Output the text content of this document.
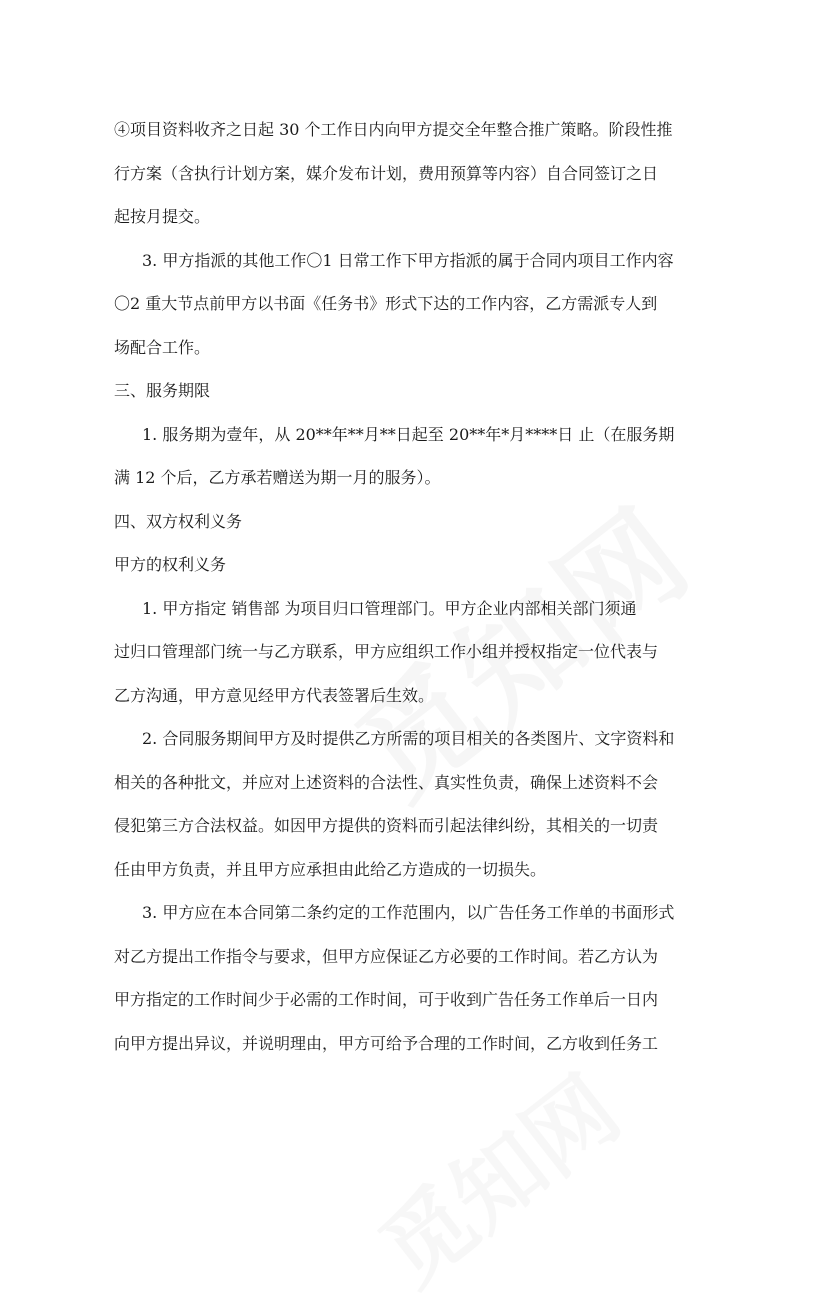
④项目资料收齐之日起 30 个工作日内向甲方提交全年整合推广策略。阶段性推
行方案（含执行计划方案，媒介发布计划，费用预算等内容）自合同签订之日
起按月提交。
3. 甲方指派的其他工作〇1 日常工作下甲方指派的属于合同内项目工作内容
〇2 重大节点前甲方以书面《任务书》形式下达的工作内容，乙方需派专人到
场配合工作。
三、服务期限
1. 服务期为壹年，从 20**年**月**日起至 20**年*月****日 止（在服务期
满 12 个后，乙方承若赠送为期一月的服务）。
四、双方权利义务
甲方的权利义务
1. 甲方指定 销售部 为项目归口管理部门。甲方企业内部相关部门须通
过归口管理部门统一与乙方联系，甲方应组织工作小组并授权指定一位代表与
乙方沟通，甲方意见经甲方代表签署后生效。
2. 合同服务期间甲方及时提供乙方所需的项目相关的各类图片、文字资料和
相关的各种批文，并应对上述资料的合法性、真实性负责，确保上述资料不会
侵犯第三方合法权益。如因甲方提供的资料而引起法律纠纷，其相关的一切责
任由甲方负责，并且甲方应承担由此给乙方造成的一切损失。
3. 甲方应在本合同第二条约定的工作范围内，以广告任务工作单的书面形式
对乙方提出工作指令与要求，但甲方应保证乙方必要的工作时间。若乙方认为
甲方指定的工作时间少于必需的工作时间，可于收到广告任务工作单后一日内
向甲方提出异议，并说明理由，甲方可给予合理的工作时间，乙方收到任务工
